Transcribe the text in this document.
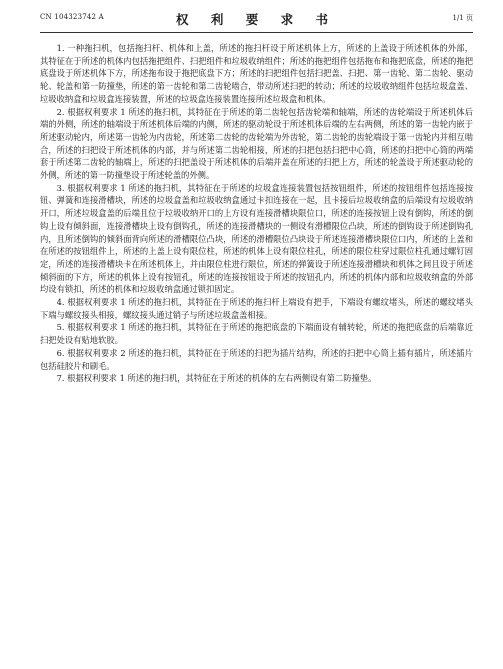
CN 104323742 A	权 利 要 求 书	1/1 页

1. 一种拖扫机，包括拖扫杆、机体和上盖，所述的拖扫杆设于所述机体上方，所述的上盖设于所述机体的外部，其特征在于所述的机体内包括拖把组件、扫把组件和垃圾收纳组件；所述的拖把组件包括拖布和拖把底盘，所述的拖把底盘设于所述机体下方，所述拖布设于拖把底盘下方；所述的扫把组件包括扫把盖、扫把、第一齿轮、第二齿轮、驱动轮、轮盖和第一防撞垫，所述的第一齿轮和第二齿轮啮合，带动所述扫把的转动；所述的垃圾收纳组件包括垃圾盒盖、垃圾收纳盒和垃圾盒连接装置，所述的垃圾盒连接装置连接所述垃圾盒和机体。

2. 根据权利要求 1 所述的拖扫机，其特征在于所述的第二齿轮包括齿轮端和轴端，所述的齿轮端设于所述机体后端的外侧，所述的轴端设于所述机体后端的内侧，所述的驱动轮设于所述机体后端的左右两侧，所述的第一齿轮内嵌于所述驱动轮内，所述第一齿轮为内齿轮，所述第二齿轮的齿轮端为外齿轮，第二齿轮的齿轮端设于第一齿轮内并相互啮合，所述的扫把设于所述机体的内部，并与所述第二齿轮相接，所述的扫把包括扫把中心筒，所述的扫把中心筒的两端套于所述第二齿轮的轴端上，所述的扫把盖设于所述机体的后端并盖在所述的扫把上方，所述的轮盖设于所述驱动轮的外侧，所述的第一防撞垫设于所述轮盖的外侧。

3. 根据权利要求 1 所述的拖扫机，其特征在于所述的垃圾盒连接装置包括按钮组件，所述的按钮组件包括连接按钮、弹簧和连接滑槽块，所述的垃圾盒盖和垃圾收纳盒通过卡扣连接在一起，且卡接后垃圾收纳盒的后端设有垃圾收纳开口，所述垃圾盒盖的后端且位于垃圾收纳开口的上方设有连接滑槽块限位口，所述的连接按钮上设有倒钩，所述的倒钩上设有倾斜面，连接滑槽块上设有倒钩孔，所述的连接滑槽块的一侧设有滑槽限位凸块，所述的倒钩设于所述倒钩孔内，且所述倒钩的倾斜面背向所述的滑槽限位凸块，所述的滑槽限位凸块设于所述连接滑槽块限位口内，所述的上盖和在所述的按钮组件上，所述的上盖上设有限位柱，所述的机体上设有限位柱孔，所述的限位柱穿过限位柱孔通过螺钉固定，所述的连接滑槽块卡在所述机体上，并由限位柱进行限位，所述的弹簧设于所述连接滑槽块和机体之间且设于所述倾斜面的下方，所述的机体上设有按钮孔，所述的连接按钮设于所述的按钮孔内，所述的机体内部和垃圾收纳盒的外部均设有锁扣，所述的机体和垃圾收纳盒通过锁扣固定。

4. 根据权利要求 1 所述的拖扫机，其特征在于所述的拖扫杆上端设有把手，下端设有螺纹堵头，所述的螺纹堵头下端与螺纹接头相接，螺纹接头通过销子与所述垃圾盒盖相接。

5. 根据权利要求 1 所述的拖扫机，其特征在于所述的拖把底盘的下端面设有辅转轮，所述的拖把底盘的后端靠近扫把处设有贴地软胶。

6. 根据权利要求 2 所述的拖扫机，其特征在于所述的扫把为插片结构，所述的扫把中心筒上插有插片，所述插片包括硅胶片和刷毛。

7. 根据权利要求 1 所述的拖扫机，其特征在于所述的机体的左右两侧设有第二防撞垫。
